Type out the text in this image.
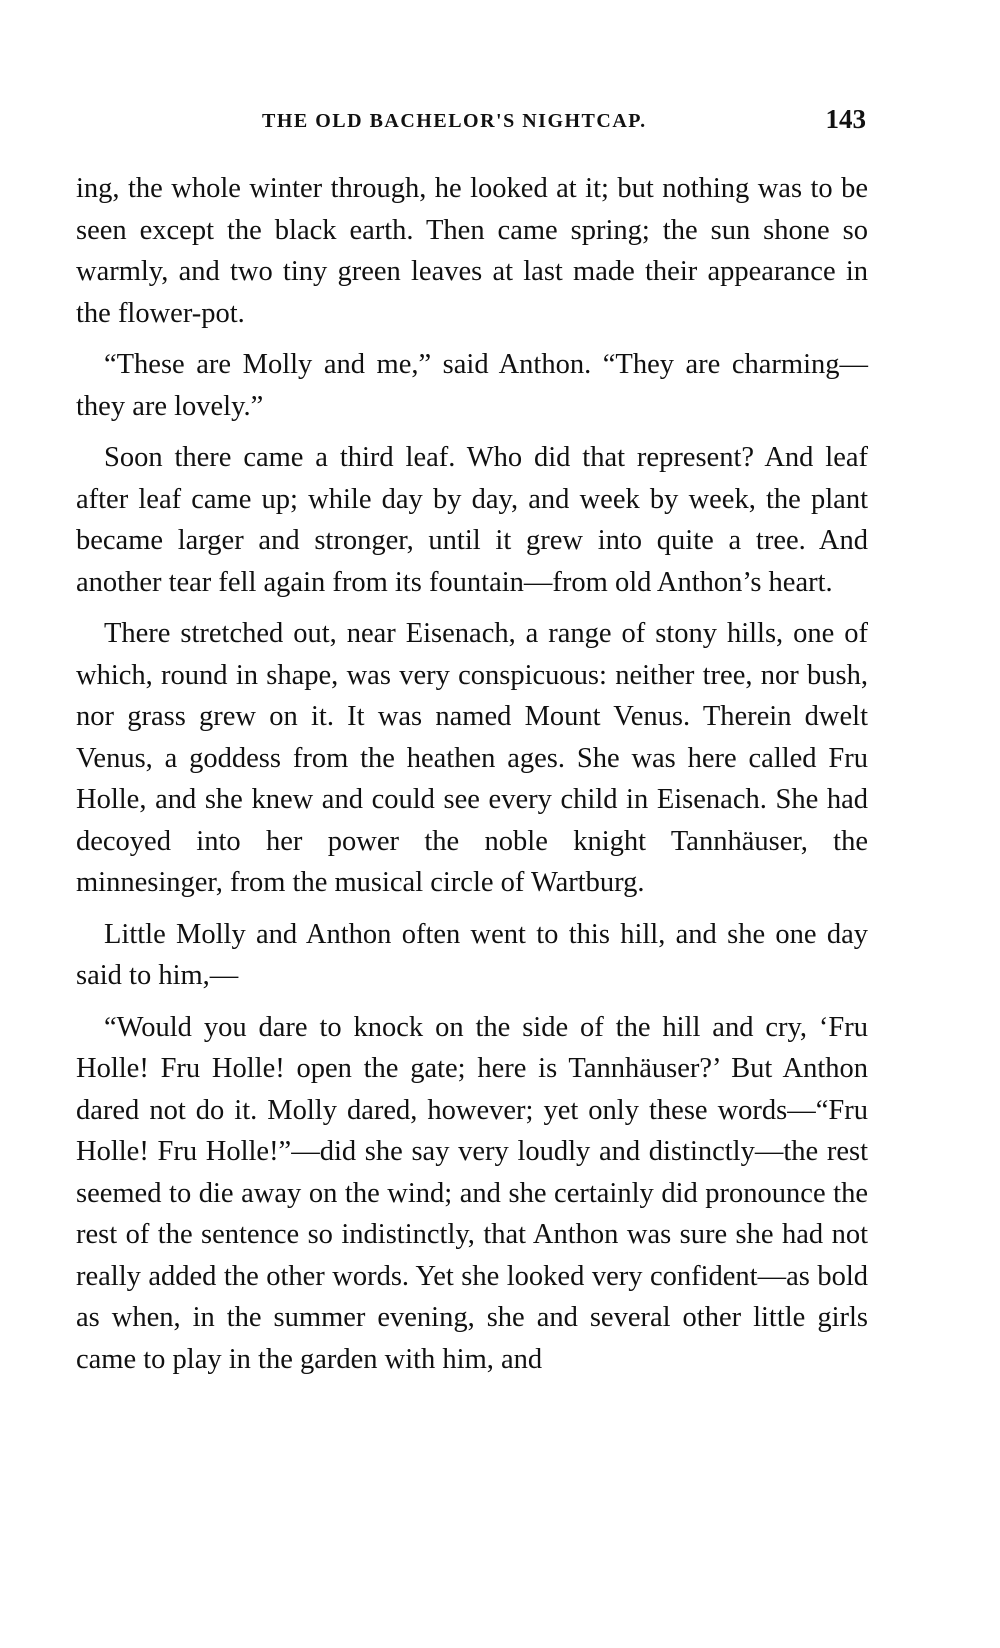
THE OLD BACHELOR'S NIGHTCAP.	143

ing, the whole winter through, he looked at it; but nothing was to be seen except the black earth. Then came spring; the sun shone so warmly, and two tiny green leaves at last made their appearance in the flower-pot.

“These are Molly and me,” said Anthon. “They are charming—they are lovely.”

Soon there came a third leaf. Who did that represent? And leaf after leaf came up; while day by day, and week by week, the plant became larger and stronger, until it grew into quite a tree. And another tear fell again from its fountain—from old Anthon’s heart.

There stretched out, near Eisenach, a range of stony hills, one of which, round in shape, was very conspicuous: neither tree, nor bush, nor grass grew on it. It was named Mount Venus. Therein dwelt Venus, a goddess from the heathen ages. She was here called Fru Holle, and she knew and could see every child in Eisenach. She had decoyed into her power the noble knight Tannhäuser, the minnesinger, from the musical circle of Wartburg.

Little Molly and Anthon often went to this hill, and she one day said to him,—

“Would you dare to knock on the side of the hill and cry, ‘Fru Holle! Fru Holle! open the gate; here is Tannhäuser?’ But Anthon dared not do it. Molly dared, however; yet only these words—“Fru Holle! Fru Holle!”—did she say very loudly and distinctly—the rest seemed to die away on the wind; and she certainly did pronounce the rest of the sentence so indistinctly, that Anthon was sure she had not really added the other words. Yet she looked very confident—as bold as when, in the summer evening, she and several other little girls came to play in the garden with him, and
